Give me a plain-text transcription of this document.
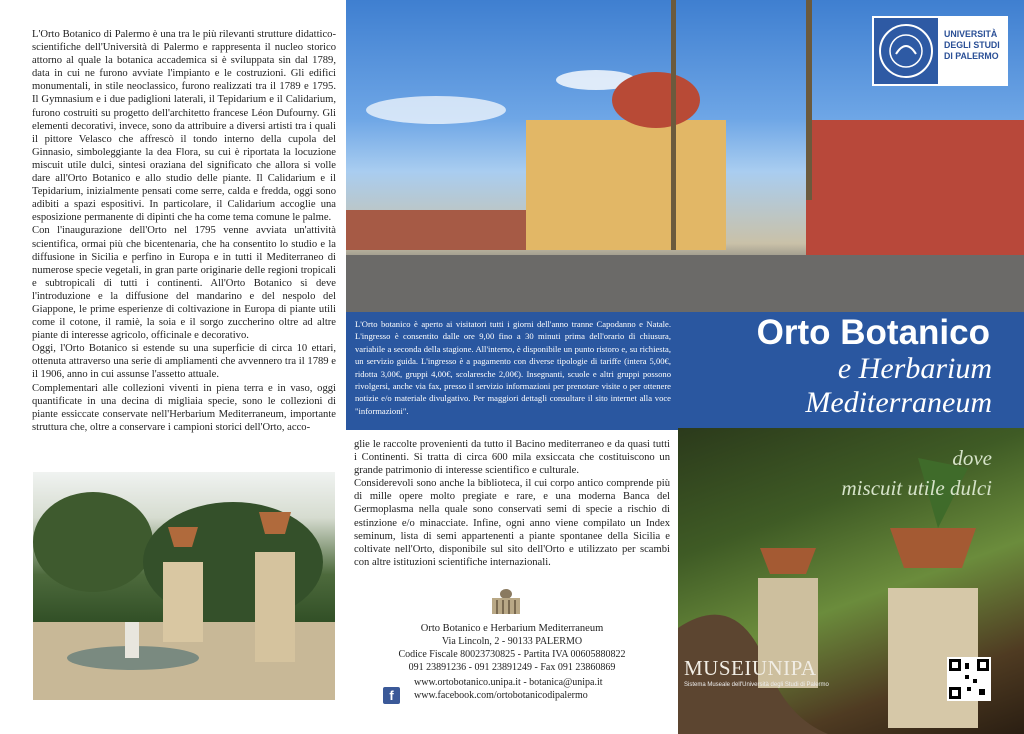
L'Orto Botanico di Palermo è una tra le più rilevanti strutture didattico-scientifiche dell'Università di Palermo e rappresenta il nucleo storico attorno al quale la botanica accademica si è sviluppata sin dal 1789, data in cui ne furono avviate l'impianto e le costruzioni. Gli edifici monumentali, in stile neoclassico, furono realizzati tra il 1789 e 1795. Il Gymnasium e i due padiglioni laterali, il Tepidarium e il Calidarium, furono costruiti su progetto dell'architetto francese Léon Dufourny. Gli elementi decorativi, invece, sono da attribuire a diversi artisti tra i quali il pittore Velasco che affrescò il tondo interno della cupola del Ginnasio, simboleggiante la dea Flora, su cui è riportata la locuzione miscuit utile dulci, sintesi oraziana del significato che allora si volle dare all'Orto Botanico e allo studio delle piante. Il Calidarium e il Tepidarium, inizialmente pensati come serre, calda e fredda, oggi sono adibiti a spazi espositivi. In particolare, il Calidarium accoglie una esposizione permanente di dipinti che ha come tema comune le palme.

Con l'inaugurazione dell'Orto nel 1795 venne avviata un'attività scientifica, ormai più che bicentenaria, che ha consentito lo studio e la diffusione in Sicilia e perfino in Europa e in tutti il Mediterraneo di numerose specie vegetali, in gran parte originarie delle regioni tropicali e subtropicali di tutti i continenti. All'Orto Botanico si deve l'introduzione e la diffusione del mandarino e del nespolo del Giappone, le prime esperienze di coltivazione in Europa di piante utili come il cotone, il ramiè, la soia e il sorgo zuccherino oltre ad altre piante di interesse agricolo, officinale e decorativo.

Oggi, l'Orto Botanico si estende su una superficie di circa 10 ettari, ottenuta attraverso una serie di ampliamenti che avvennero tra il 1789 e il 1906, anno in cui assunse l'assetto attuale.

Complementari alle collezioni viventi in piena terra e in vaso, oggi quantificate in una decina di migliaia specie, sono le collezioni di piante essiccate conservate nell'Herbarium Mediterraneum, importante struttura che, oltre a conservare i campioni storici dell'Orto, acco-

UNIVERSITÀ
DEGLI STUDI
DI PALERMO
L'Orto botanico è aperto ai visitatori tutti i giorni dell'anno tranne Capodanno e Natale. L'ingresso è consentito dalle ore 9,00 fino a 30 minuti prima dell'orario di chiusura, variabile a seconda della stagione. All'interno, è disponibile un punto ristoro e, su richiesta, un servizio guida. L'ingresso è a pagamento con diverse tipologie di tariffe (intera 5,00€, ridotta 3,00€, gruppi 4,00€, scolaresche 2,00€). Insegnanti, scuole e altri gruppi possono rivolgersi, anche via fax, presso il servizio informazioni per prenotare visite o per ottenere notizie e/o materiale divulgativo. Per maggiori dettagli consultare il sito internet alla voce "informazioni".
Orto Botanico
e Herbarium
Mediterraneum
glie le raccolte provenienti da tutto il Bacino mediterraneo e da quasi tutti i Continenti. Si tratta di circa 600 mila exsiccata che costituiscono un grande patrimonio di interesse scientifico e culturale.
Considerevoli sono anche la biblioteca, il cui corpo antico comprende più di mille opere molto pregiate e rare, e una moderna Banca del Germoplasma nella quale sono conservati semi di specie a rischio di estinzione e/o minacciate. Infine, ogni anno viene compilato un Index seminum, lista di semi appartenenti a piante spontanee della Sicilia e coltivate nell'Orto, disponibile sul sito dell'Orto e utilizzato per scambi con altre istituzioni scientifiche internazionali.
Orto Botanico e Herbarium Mediterraneum
Via Lincoln, 2 - 90133 PALERMO
Codice Fiscale 80023730825 - Partita IVA 00605880822
091 23891236 - 091 23891249 - Fax 091 23860869
f
www.ortobotanico.unipa.it - botanica@unipa.it
www.facebook.com/ortobotanicodipalermo
dove
miscuit utile dulci
MUSEIUNIPA
Sistema Museale dell'Università degli Studi di Palermo
